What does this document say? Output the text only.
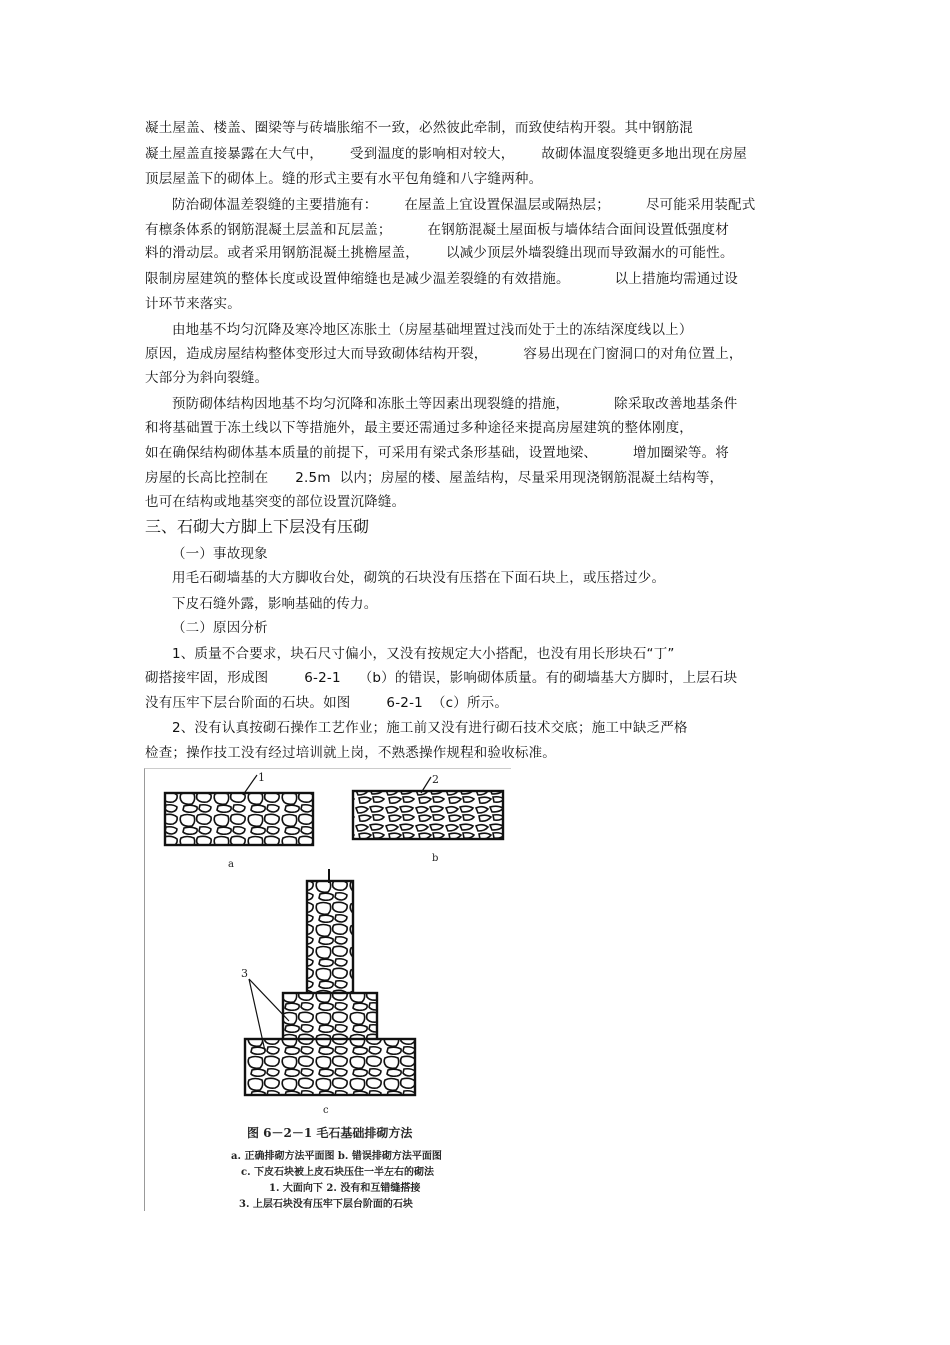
凝土屋盖、楼盖、圈梁等与砖墙胀缩不一致，必然彼此牵制，而致使结构开裂。其中钢筋混
凝土屋盖直接暴露在大气中，      受到温度的影响相对较大，      故砌体温度裂缝更多地出现在房屋
顶层屋盖下的砌体上。缝的形式主要有水平包角缝和八字缝两种。
防治砌体温差裂缝的主要措施有：      在屋盖上宜设置保温层或隔热层；        尽可能采用装配式
有檩条体系的钢筋混凝土层盖和瓦层盖；        在钢筋混凝土屋面板与墙体结合面间设置低强度材
料的滑动层。或者采用钢筋混凝土挑檐屋盖，      以减少顶层外墙裂缝出现而导致漏水的可能性。
限制房屋建筑的整体长度或设置伸缩缝也是减少温差裂缝的有效措施。          以上措施均需通过设
计环节来落实。
由地基不均匀沉降及寒冷地区冻胀土（房屋基础埋置过浅而处于土的冻结深度线以上）
原因，造成房屋结构整体变形过大而导致砌体结构开裂，        容易出现在门窗洞口的对角位置上，
大部分为斜向裂缝。
预防砌体结构因地基不均匀沉降和冻胀土等因素出现裂缝的措施，          除采取改善地基条件
和将基础置于冻土线以下等措施外，最主要还需通过多种途径来提高房屋建筑的整体刚度，
如在确保结构砌体基本质量的前提下，可采用有梁式条形基础，设置地梁、        增加圈梁等。将
房屋的长高比控制在      2.5m  以内；房屋的楼、屋盖结构，尽量采用现浇钢筋混凝土结构等，
也可在结构或地基突变的部位设置沉降缝。
三、石砌大方脚上下层没有压砌
（一）事故现象
用毛石砌墙基的大方脚收台处，砌筑的石块没有压搭在下面石块上，或压搭过少。
下皮石缝外露，影响基础的传力。
（二）原因分析
1、质量不合要求，块石尺寸偏小，又没有按规定大小搭配，也没有用长形块石“丁”
砌搭接牢固，形成图        6-2-1    （b）的错误，影响砌体质量。有的砌墙基大方脚时，上层石块
没有压牢下层台阶面的石块。如图        6-2-1  （c）所示。
2、没有认真按砌石操作工艺作业；施工前又没有进行砌石技术交底；施工中缺乏严格
检查；操作技工没有经过培训就上岗，不熟悉操作规程和验收标准。
1	2
3
a
b
c
图 6－2－1 毛石基础排砌方法
a. 正确排砌方法平面图 b. 错误排砌方法平面图
c. 下皮石块被上皮石块压住一半左右的砌法
1. 大面向下 2. 没有和互错缝搭接
3. 上层石块没有压牢下层台阶面的石块
